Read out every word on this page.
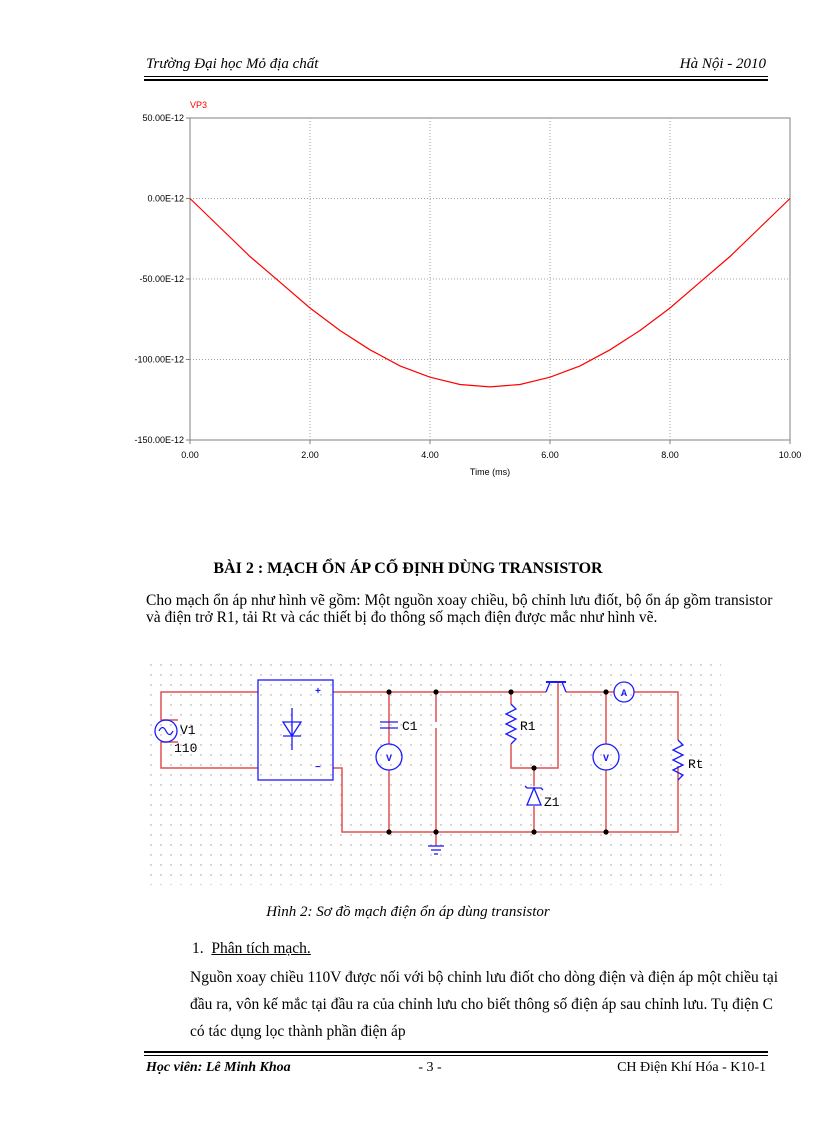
Trường Đại học Mỏ địa chất	Hà Nội - 2010
0.00	2.00	4.00	6.00	8.00	10.00
50.00E-12
0.00E-12
-50.00E-12
-100.00E-12
-150.00E-12
VP3
Time (ms)
BÀI 2 : MẠCH ỔN ÁP CỐ ĐỊNH DÙNG TRANSISTOR
Cho mạch ổn áp như hình vẽ gồm: Một nguồn xoay chiều, bộ chỉnh lưu điốt, bộ ổn áp gồm transistor và điện trở R1, tải Rt và các thiết bị đo thông số mạch điện được mắc như hình vẽ.
V1
110
C1	R1
Z1
Rt
+
−
V	V
A
Hình 2: Sơ đồ mạch điện ổn áp dùng transistor
1. Phân tích mạch.
Nguồn xoay chiều 110V được nối với bộ chỉnh lưu điốt cho dòng điện và điện áp một chiều tại đầu ra, vôn kế mắc tại đầu ra của chỉnh lưu cho biết thông số điện áp sau chỉnh lưu. Tụ điện C có tác dụng lọc thành phần điện áp
Học viên: Lê Minh Khoa	- 3 -	CH Điện Khí Hóa - K10-1
